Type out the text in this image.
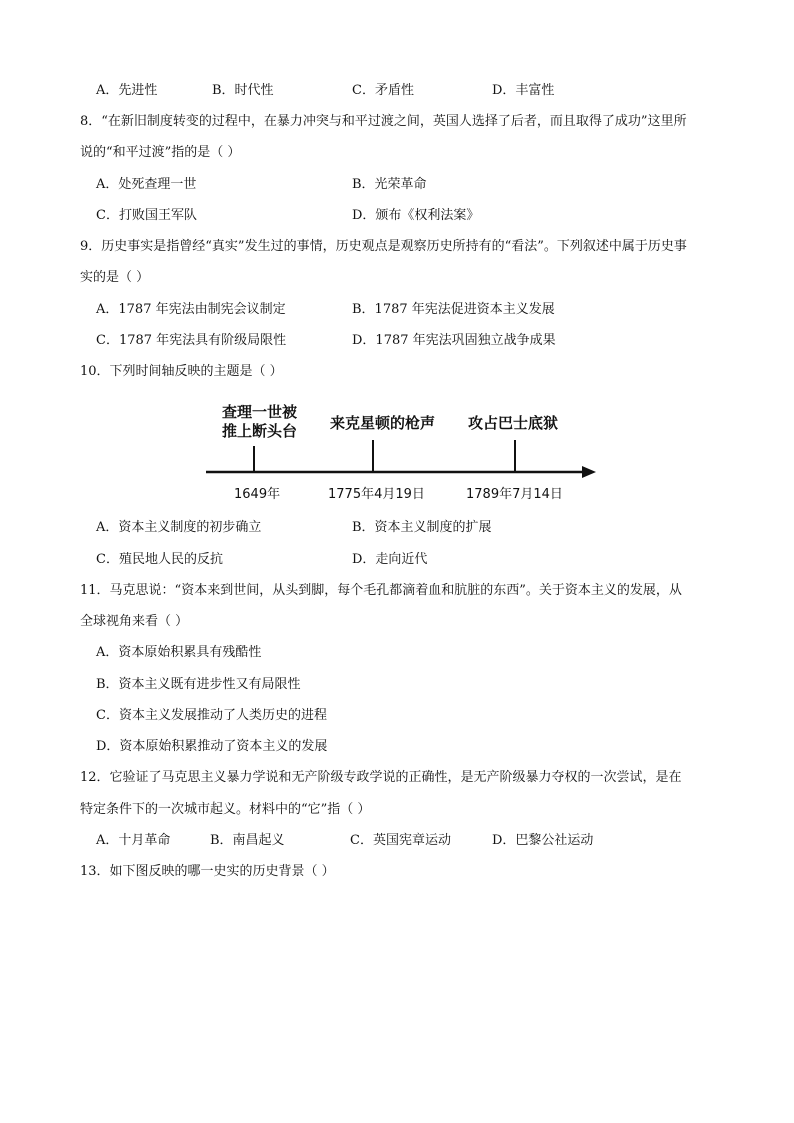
A．先进性	B．时代性	C．矛盾性	D．丰富性
8．“在新旧制度转变的过程中，在暴力冲突与和平过渡之间，英国人选择了后者，而且取得了成功”这里所
说的“和平过渡”指的是（ ）
A．处死查理一世	B．光荣革命
C．打败国王军队	D．颁布《权利法案》
9．历史事实是指曾经“真实”发生过的事情，历史观点是观察历史所持有的“看法”。下列叙述中属于历史事
实的是（ ）
A．1787 年宪法由制宪会议制定	B．1787 年宪法促进资本主义发展
C．1787 年宪法具有阶级局限性	D．1787 年宪法巩固独立战争成果
10．下列时间轴反映的主题是（ ）
查理一世被
推上断头台 来克星顿的枪声 攻占巴士底狱
1649年	1775年4月19日	1789年7月14日
A．资本主义制度的初步确立	B．资本主义制度的扩展
C．殖民地人民的反抗	D．走向近代
11．马克思说：“资本来到世间，从头到脚，每个毛孔都滴着血和肮脏的东西”。关于资本主义的发展，从
全球视角来看（ ）
A．资本原始积累具有残酷性
B．资本主义既有进步性又有局限性
C．资本主义发展推动了人类历史的进程
D．资本原始积累推动了资本主义的发展
12．它验证了马克思主义暴力学说和无产阶级专政学说的正确性，是无产阶级暴力夺权的一次尝试，是在
特定条件下的一次城市起义。材料中的“它”指（ ）
A．十月革命	B．南昌起义	C．英国宪章运动	D．巴黎公社运动
13．如下图反映的哪一史实的历史背景（ ）
